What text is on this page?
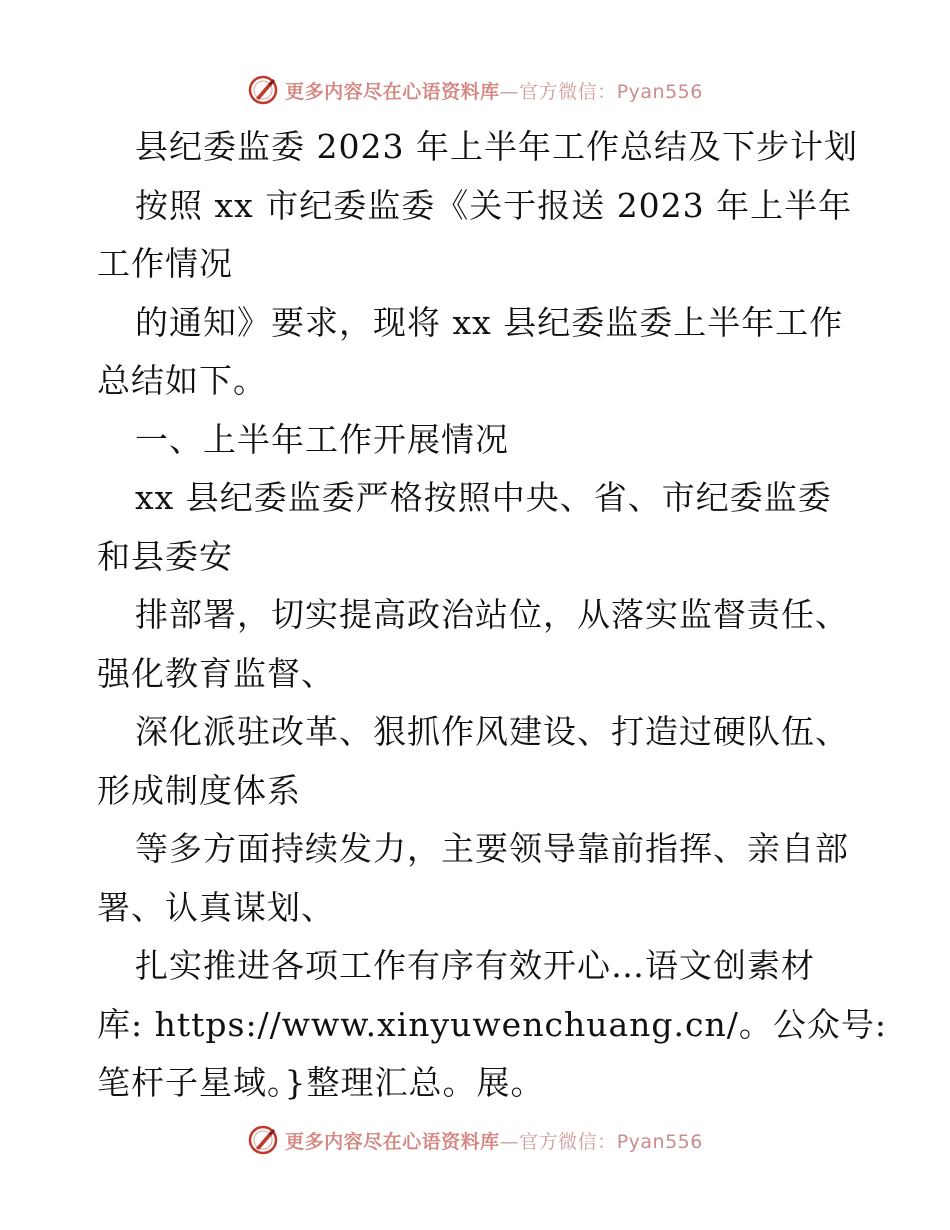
更多内容尽在心语资料库—官方微信：Pyan556
县纪委监委 2023 年上半年工作总结及下步计划
按照 xx 市纪委监委《关于报送 2023 年上半年
工作情况
的通知》要求，现将 xx 县纪委监委上半年工作
总结如下。
一、上半年工作开展情况
xx 县纪委监委严格按照中央、省、市纪委监委
和县委安
排部署，切实提高政治站位，从落实监督责任、
强化教育监督、
深化派驻改革、狠抓作风建设、打造过硬队伍、
形成制度体系
等多方面持续发力，主要领导靠前指挥、亲自部
署、认真谋划、
扎实推进各项工作有序有效开心…语文创素材
库: https://www.xinyuwenchuang.cn/。公众号:
笔杆子星域。}整理汇总。展。
更多内容尽在心语资料库—官方微信：Pyan556
